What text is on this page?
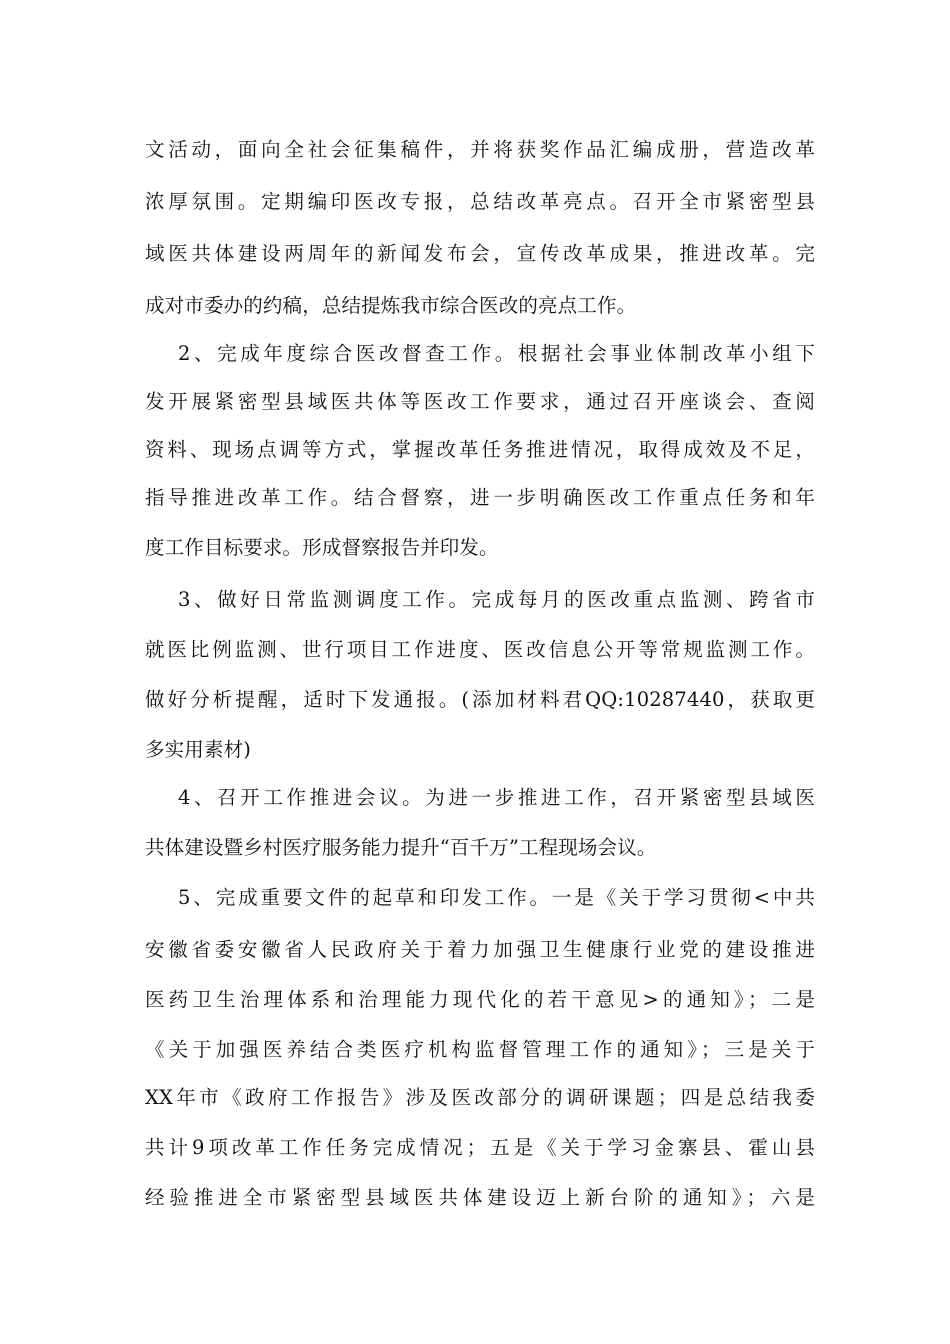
文活动，面向全社会征集稿件，并将获奖作品汇编成册，营造改革
浓厚氛围。定期编印医改专报，总结改革亮点。召开全市紧密型县
域医共体建设两周年的新闻发布会，宣传改革成果，推进改革。完
成对市委办的约稿，总结提炼我市综合医改的亮点工作。
2、完成年度综合医改督查工作。根据社会事业体制改革小组下
发开展紧密型县域医共体等医改工作要求，通过召开座谈会、查阅
资料、现场点调等方式，掌握改革任务推进情况，取得成效及不足，
指导推进改革工作。结合督察，进一步明确医改工作重点任务和年
度工作目标要求。形成督察报告并印发。
3、做好日常监测调度工作。完成每月的医改重点监测、跨省市
就医比例监测、世行项目工作进度、医改信息公开等常规监测工作。
做好分析提醒，适时下发通报。(添加材料君QQ:10287440，获取更
多实用素材)
4、召开工作推进会议。为进一步推进工作，召开紧密型县域医
共体建设暨乡村医疗服务能力提升“百千万”工程现场会议。
5、完成重要文件的起草和印发工作。一是《关于学习贯彻<中共
安徽省委安徽省人民政府关于着力加强卫生健康行业党的建设推进
医药卫生治理体系和治理能力现代化的若干意见>的通知》；二是
《关于加强医养结合类医疗机构监督管理工作的通知》；三是关于
XX年市《政府工作报告》涉及医改部分的调研课题；四是总结我委
共计9项改革工作任务完成情况；五是《关于学习金寨县、霍山县
经验推进全市紧密型县域医共体建设迈上新台阶的通知》；六是
